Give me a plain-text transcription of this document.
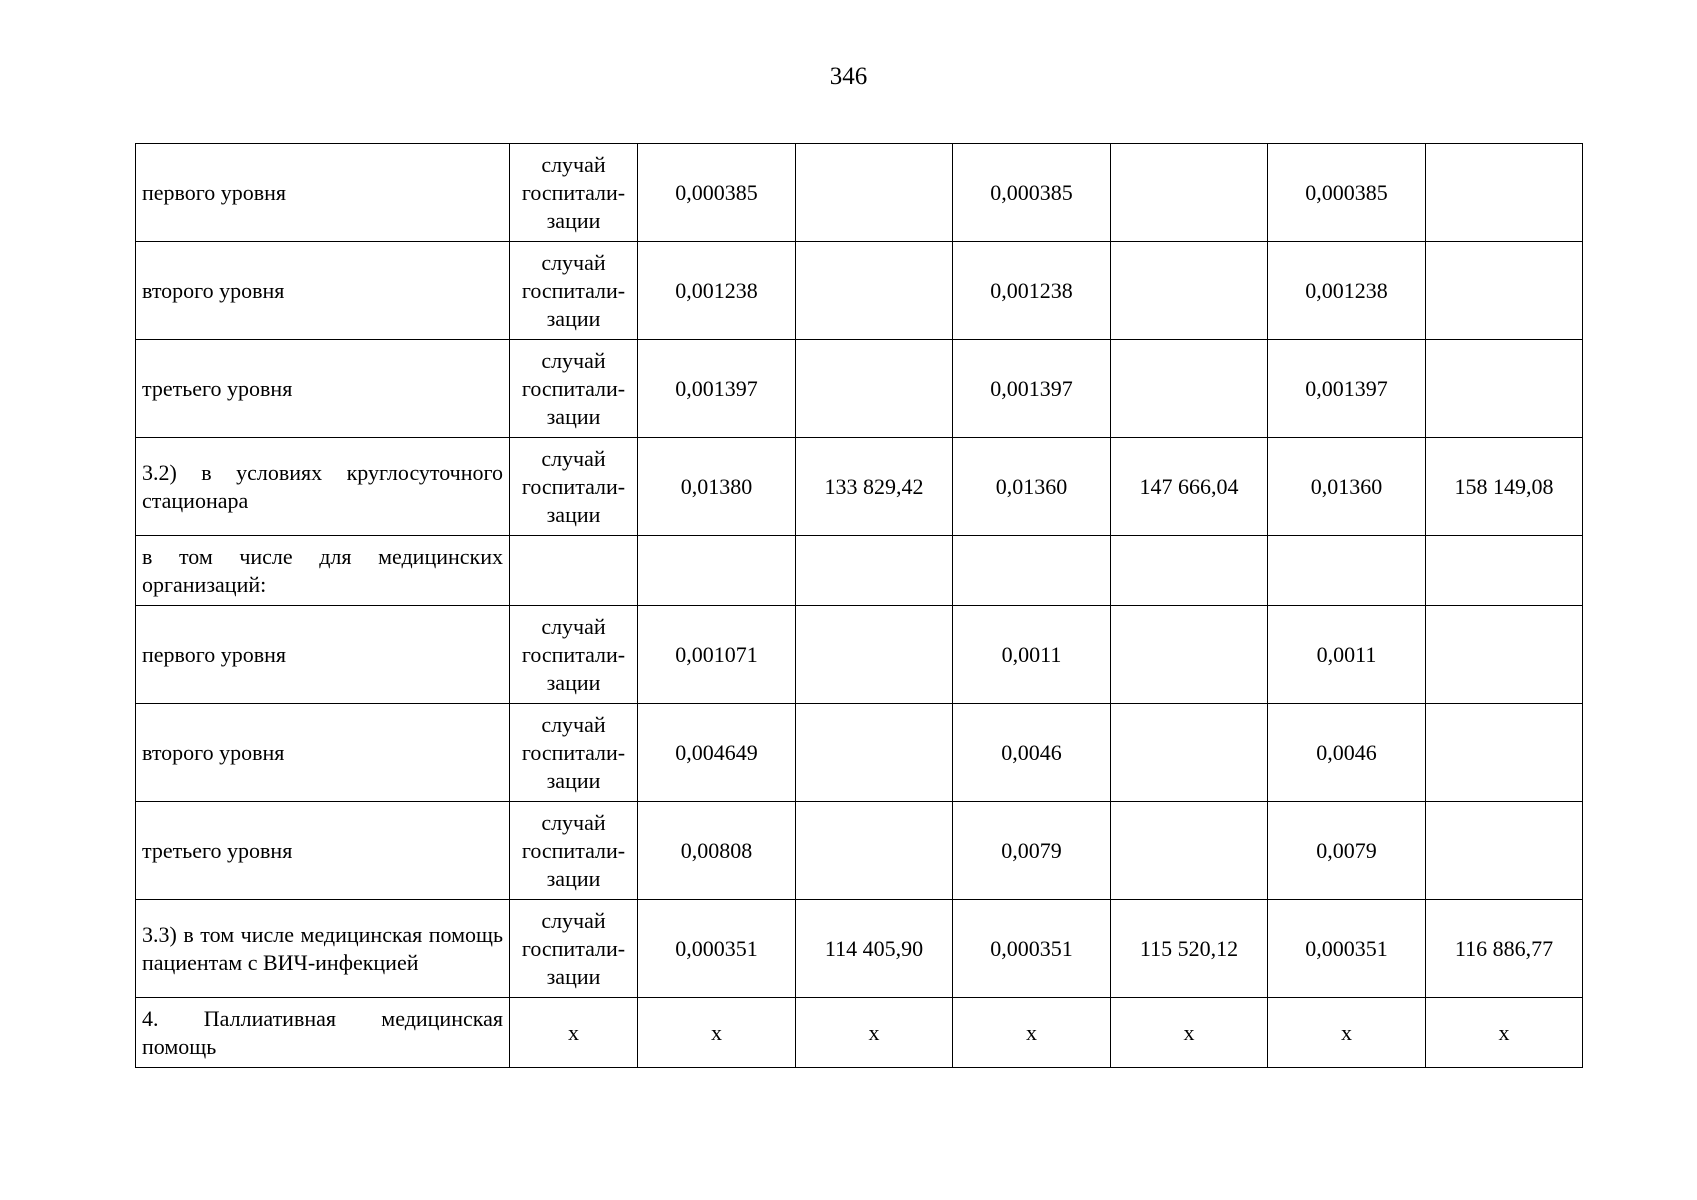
346
первого уровня	случай госпитали-зации	0,000385		0,000385		0,000385	
второго уровня	случай госпитали-зации	0,001238		0,001238		0,001238	
третьего уровня	случай госпитали-зации	0,001397		0,001397		0,001397	
3.2) в условиях круглосуточного стационара	случай госпитали-зации	0,01380	133 829,42	0,01360	147 666,04	0,01360	158 149,08
в том числе для медицинских организаций:							
первого уровня	случай госпитали-зации	0,001071		0,0011		0,0011	
второго уровня	случай госпитали-зации	0,004649		0,0046		0,0046	
третьего уровня	случай госпитали-зации	0,00808		0,0079		0,0079	
3.3) в том числе медицинская помощь пациентам с ВИЧ-инфекцией	случай госпитали-зации	0,000351	114 405,90	0,000351	115 520,12	0,000351	116 886,77
4. Паллиативная медицинская помощь	х	х	х	х	х	х	х
